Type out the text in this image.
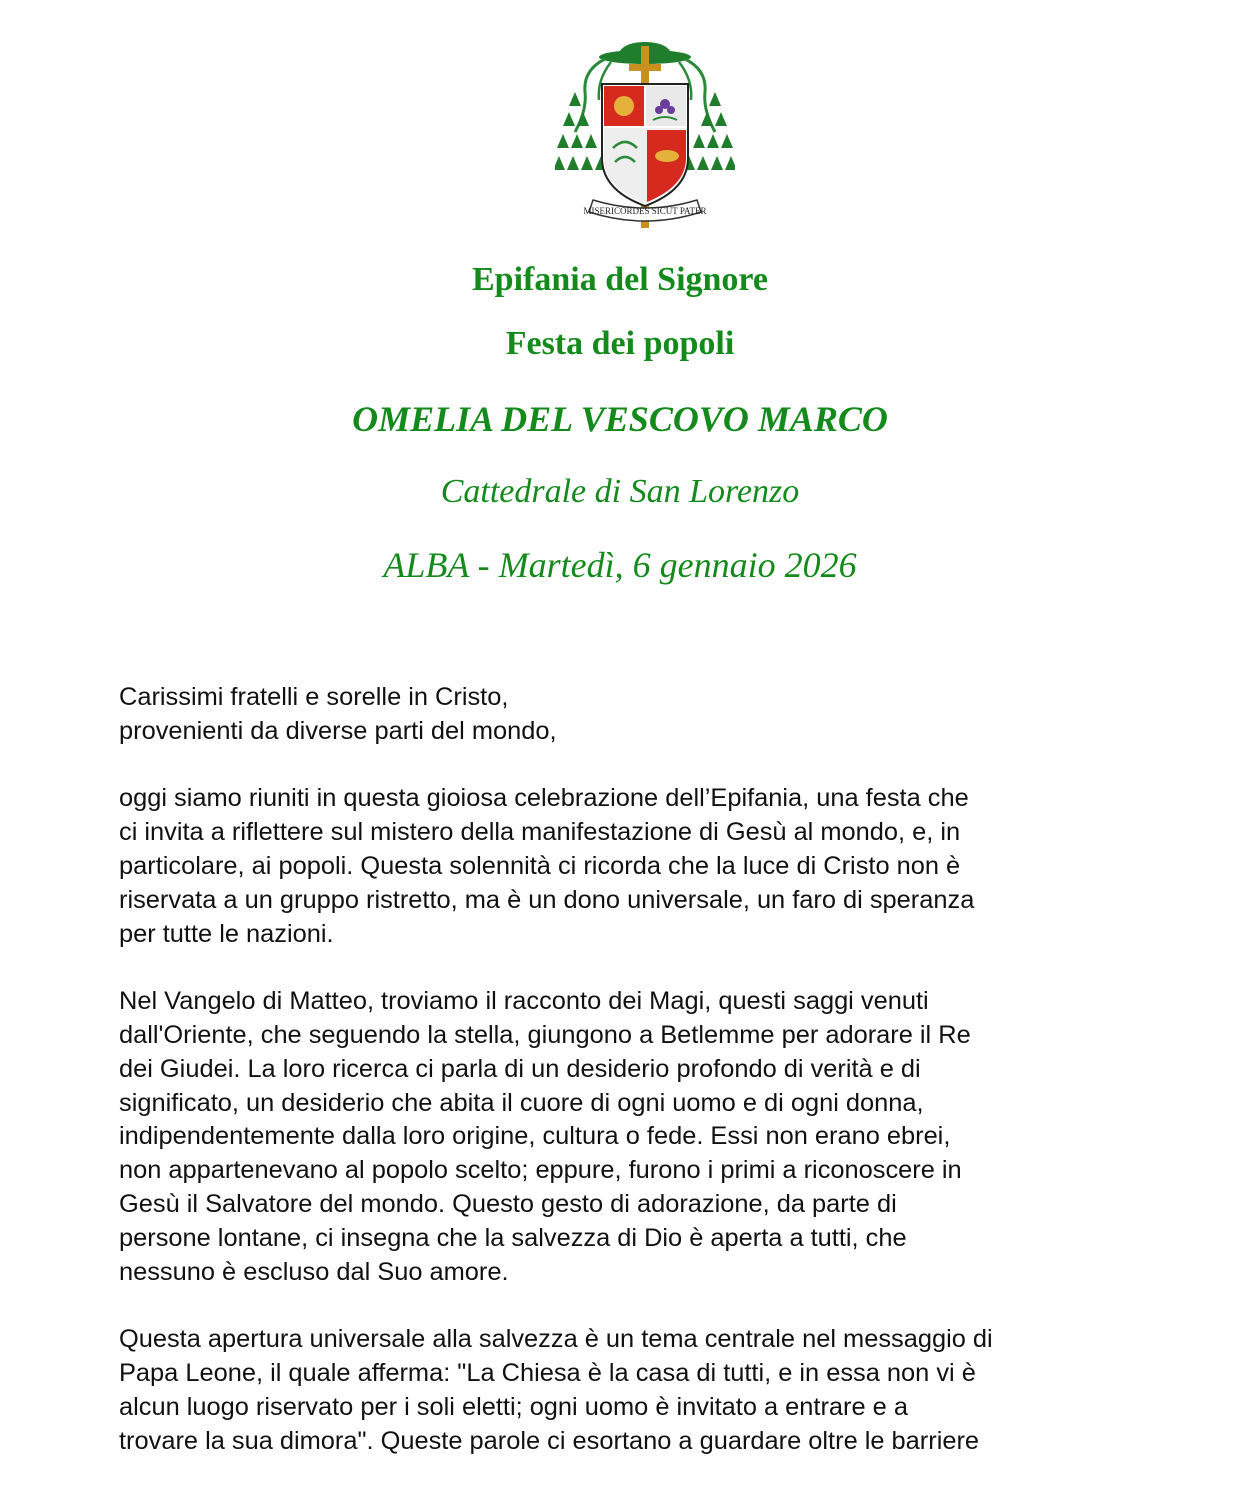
MISERICORDES SICUT PATER
Epifania del Signore
Festa dei popoli
OMELIA DEL VESCOVO MARCO
Cattedrale di San Lorenzo
ALBA - Martedì, 6 gennaio 2026

Carissimi fratelli e sorelle in Cristo,
provenienti da diverse parti del mondo,

oggi siamo riuniti in questa gioiosa celebrazione dell’Epifania, una festa che
ci invita a riflettere sul mistero della manifestazione di Gesù al mondo, e, in
particolare, ai popoli. Questa solennità ci ricorda che la luce di Cristo non è
riservata a un gruppo ristretto, ma è un dono universale, un faro di speranza
per tutte le nazioni.

Nel Vangelo di Matteo, troviamo il racconto dei Magi, questi saggi venuti
dall'Oriente, che seguendo la stella, giungono a Betlemme per adorare il Re
dei Giudei. La loro ricerca ci parla di un desiderio profondo di verità e di
significato, un desiderio che abita il cuore di ogni uomo e di ogni donna,
indipendentemente dalla loro origine, cultura o fede. Essi non erano ebrei,
non appartenevano al popolo scelto; eppure, furono i primi a riconoscere in
Gesù il Salvatore del mondo. Questo gesto di adorazione, da parte di
persone lontane, ci insegna che la salvezza di Dio è aperta a tutti, che
nessuno è escluso dal Suo amore.

Questa apertura universale alla salvezza è un tema centrale nel messaggio di
Papa Leone, il quale afferma: "La Chiesa è la casa di tutti, e in essa non vi è
alcun luogo riservato per i soli eletti; ogni uomo è invitato a entrare e a
trovare la sua dimora". Queste parole ci esortano a guardare oltre le barriere
